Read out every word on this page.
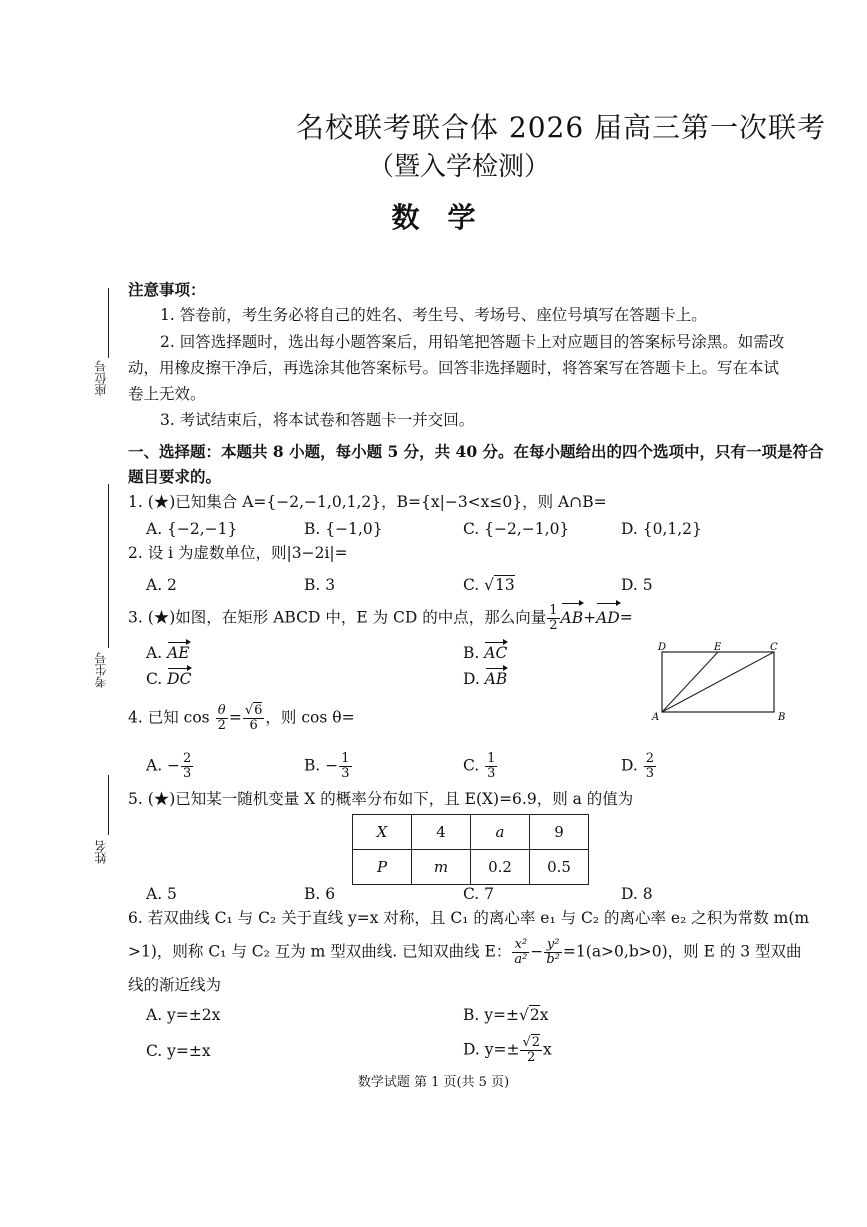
名校联考联合体 2026 届高三第一次联考
（暨入学检测）
数学
座位号
考生号
姓名
注意事项：
1. 答卷前，考生务必将自己的姓名、考生号、考场号、座位号填写在答题卡上。
2. 回答选择题时，选出每小题答案后，用铅笔把答题卡上对应题目的答案标号涂黑。如需改
动，用橡皮擦干净后，再选涂其他答案标号。回答非选择题时，将答案写在答题卡上。写在本试
卷上无效。
3. 考试结束后，将本试卷和答题卡一并交回。
一、选择题：本题共 8 小题，每小题 5 分，共 40 分。在每小题给出的四个选项中，只有一项是符合
题目要求的。
1. (★)已知集合 A={−2,−1,0,1,2}，B={x|−3<x≤0}，则 A∩B=
A. {−2,−1}	B. {−1,0}	C. {−2,−1,0}	D. {0,1,2}
2. 设 i 为虚数单位，则|3−2i|=
A. 2	B. 3	C. √13	D. 5
3. (★)如图，在矩形 ABCD 中，E 为 CD 的中点，那么向量 $\frac{1}{2} AB+AD=$
A. AE	B. AC
C. DC	D. AB
D	E	C
A	B
4. 已知 $\cos \frac{\theta}{2} = \frac{√6}{6}$ ，则 cos θ=
A. − $\frac{2}{3}$	B. − $\frac{1}{3}$	C. $\frac{1}{3}$	D. $\frac{2}{3}$
5. (★)已知某一随机变量 X 的概率分布如下，且 E(X)=6.9，则 a 的值为
X	4	a	9
P	m	0.2	0.5
A. 5	B. 6	C. 7	D. 8
6. 若双曲线 C₁ 与 C₂ 关于直线 y=x 对称，且 C₁ 的离心率 e₁ 与 C₂ 的离心率 e₂ 之积为常数 m(m
>1)，则称 C₁ 与 C₂ 互为 m 型双曲线. 已知双曲线 E： $\frac{\text{x²}}{\text{a²}} - \frac{\text{y²}}{\text{b²}} =1(a>0,b>0)$，则 E 的 3 型双曲
线的渐近线为
A. y=±2x	B. y=±√2x
C. y=±x	D. $y=\pm \frac{√2}{2}$ x
数学试题 第 1 页(共 5 页)
